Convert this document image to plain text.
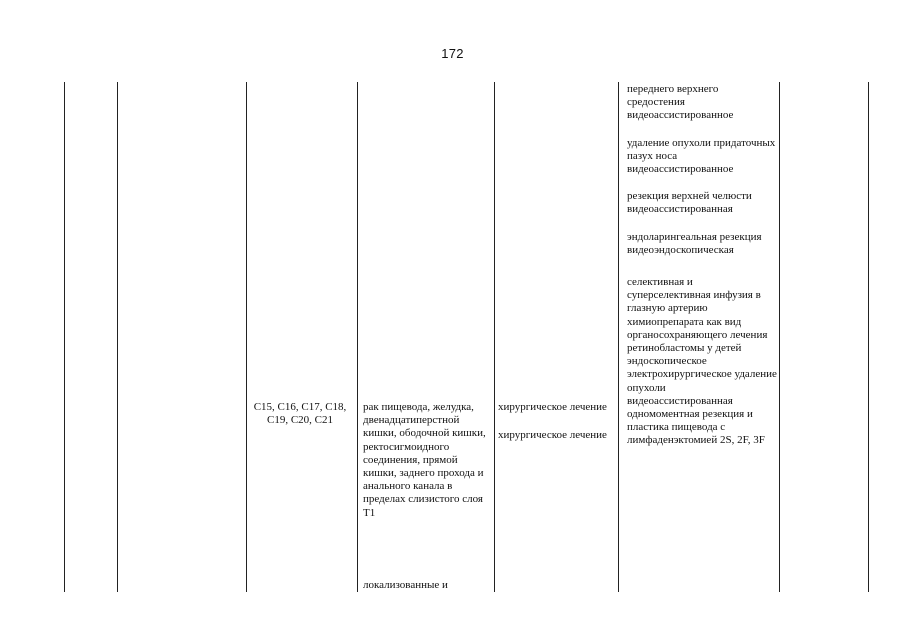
172

C15, C16, C17, C18, C19, C20, C21

рак пищевода, желудка, двенадцатиперстной кишки, ободочной кишки, ректосигмоидного соединения, прямой кишки, заднего прохода и анального канала в пределах слизистого слоя T1

хирургическое лечение

хирургическое лечение

переднего верхнего средостения видеоассистированное

удаление опухоли придаточных пазух носа видеоассистированное

резекция верхней челюсти видеоассистированная

эндоларингеальная резекция видеоэндоскопическая

селективная и суперселективная инфузия в глазную артерию химиопрепарата как вид органосохраняющего лечения ретинобластомы у детей

эндоскопическое электрохирургическое удаление опухоли

видеоассистированная одномоментная резекция и пластика пищевода с лимфаденэктомией 2S, 2F, 3F

локализованные и
